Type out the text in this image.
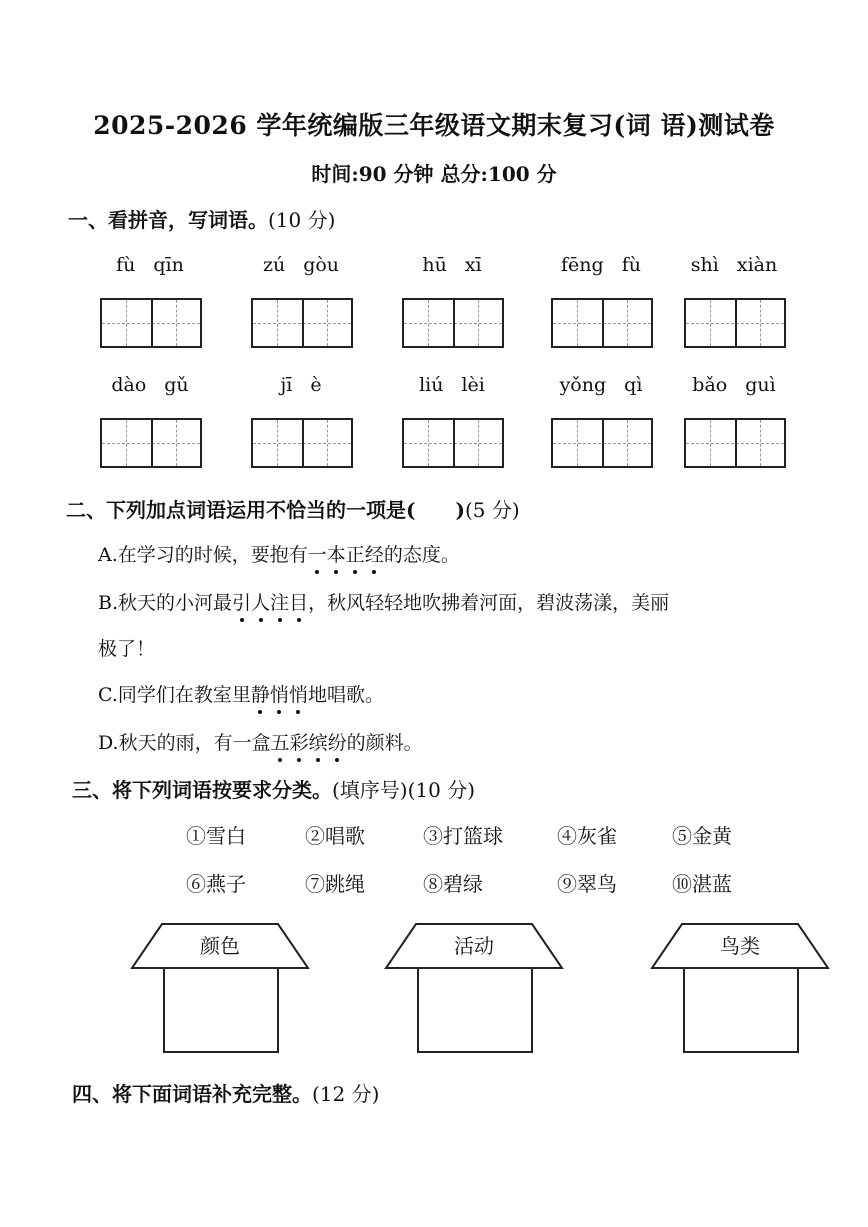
2025-2026 学年统编版三年级语文期末复习(词 语)测试卷
时间:90 分钟 总分:100 分
一、看拼音，写词语。(10 分)
fù qīn	zú gòu	hū xī	fēng fù	shì xiàn
dào gǔ	jī è	liú lèi	yǒng qì	bǎo guì
二、下列加点词语运用不恰当的一项是( )(5 分)
A.在学习的时候，要抱有一本正经的态度。
B.秋天的小河最引人注目，秋风轻轻地吹拂着河面，碧波荡漾，美丽
极了！
C.同学们在教室里静悄悄地唱歌。
D.秋天的雨，有一盒五彩缤纷的颜料。
三、将下列词语按要求分类。(填序号)(10 分)
①雪白	②唱歌	③打篮球	④灰雀	⑤金黄
⑥燕子	⑦跳绳	⑧碧绿	⑨翠鸟	⑩湛蓝
颜色	活动	鸟类
四、将下面词语补充完整。(12 分)
